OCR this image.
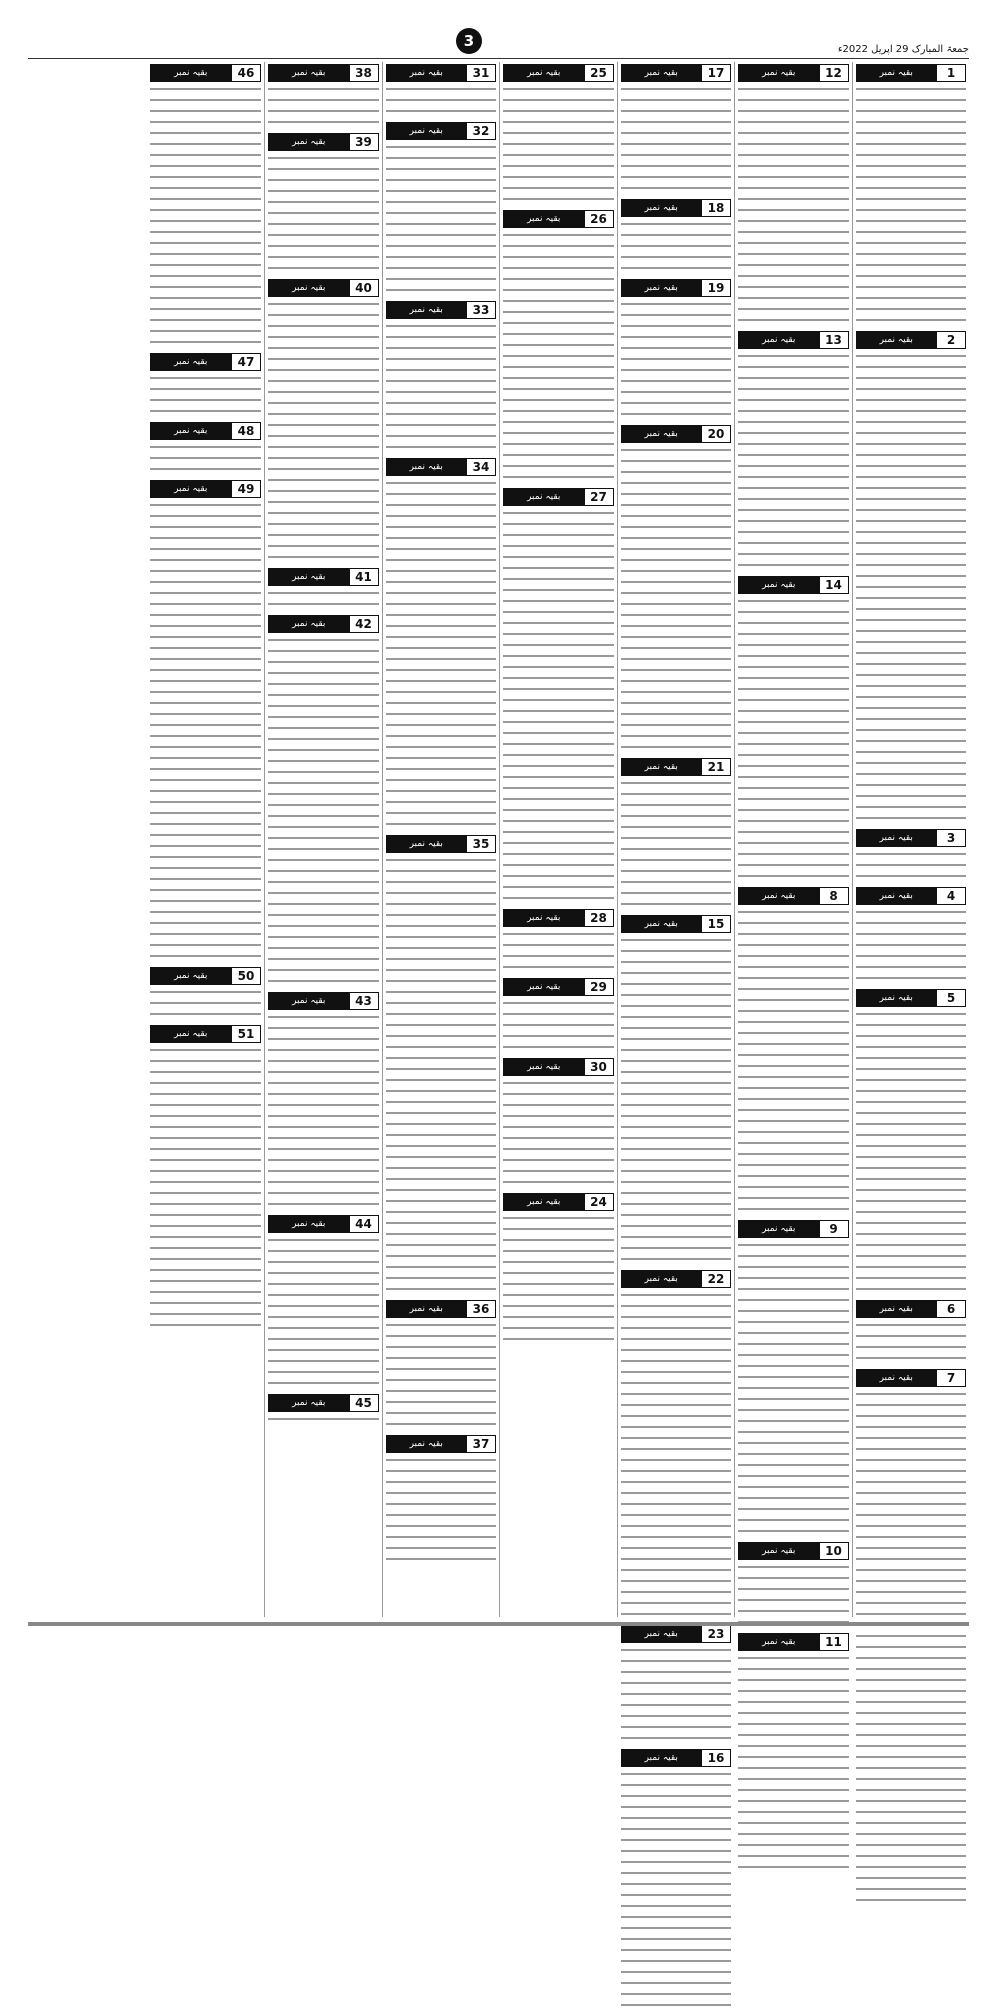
جمعۃ المبارک 29 اپریل 2022ء
3
1
بقیہ نمبر
2
بقیہ نمبر
3
بقیہ نمبر
4
بقیہ نمبر
5
بقیہ نمبر
6
بقیہ نمبر
7
بقیہ نمبر
12
بقیہ نمبر
13
بقیہ نمبر
14
بقیہ نمبر
8
بقیہ نمبر
9
بقیہ نمبر
10
بقیہ نمبر
11
بقیہ نمبر
17
بقیہ نمبر
18
بقیہ نمبر
19
بقیہ نمبر
20
بقیہ نمبر
21
بقیہ نمبر
15
بقیہ نمبر
22
بقیہ نمبر
23
بقیہ نمبر
16
بقیہ نمبر
25
بقیہ نمبر
26
بقیہ نمبر
27
بقیہ نمبر
28
بقیہ نمبر
29
بقیہ نمبر
30
بقیہ نمبر
24
بقیہ نمبر
31
بقیہ نمبر
32
بقیہ نمبر
33
بقیہ نمبر
34
بقیہ نمبر
35
بقیہ نمبر
36
بقیہ نمبر
37
بقیہ نمبر
38
بقیہ نمبر
39
بقیہ نمبر
40
بقیہ نمبر
41
بقیہ نمبر
42
بقیہ نمبر
43
بقیہ نمبر
44
بقیہ نمبر
45
بقیہ نمبر
46
بقیہ نمبر
47
بقیہ نمبر
48
بقیہ نمبر
49
بقیہ نمبر
50
بقیہ نمبر
51
بقیہ نمبر
